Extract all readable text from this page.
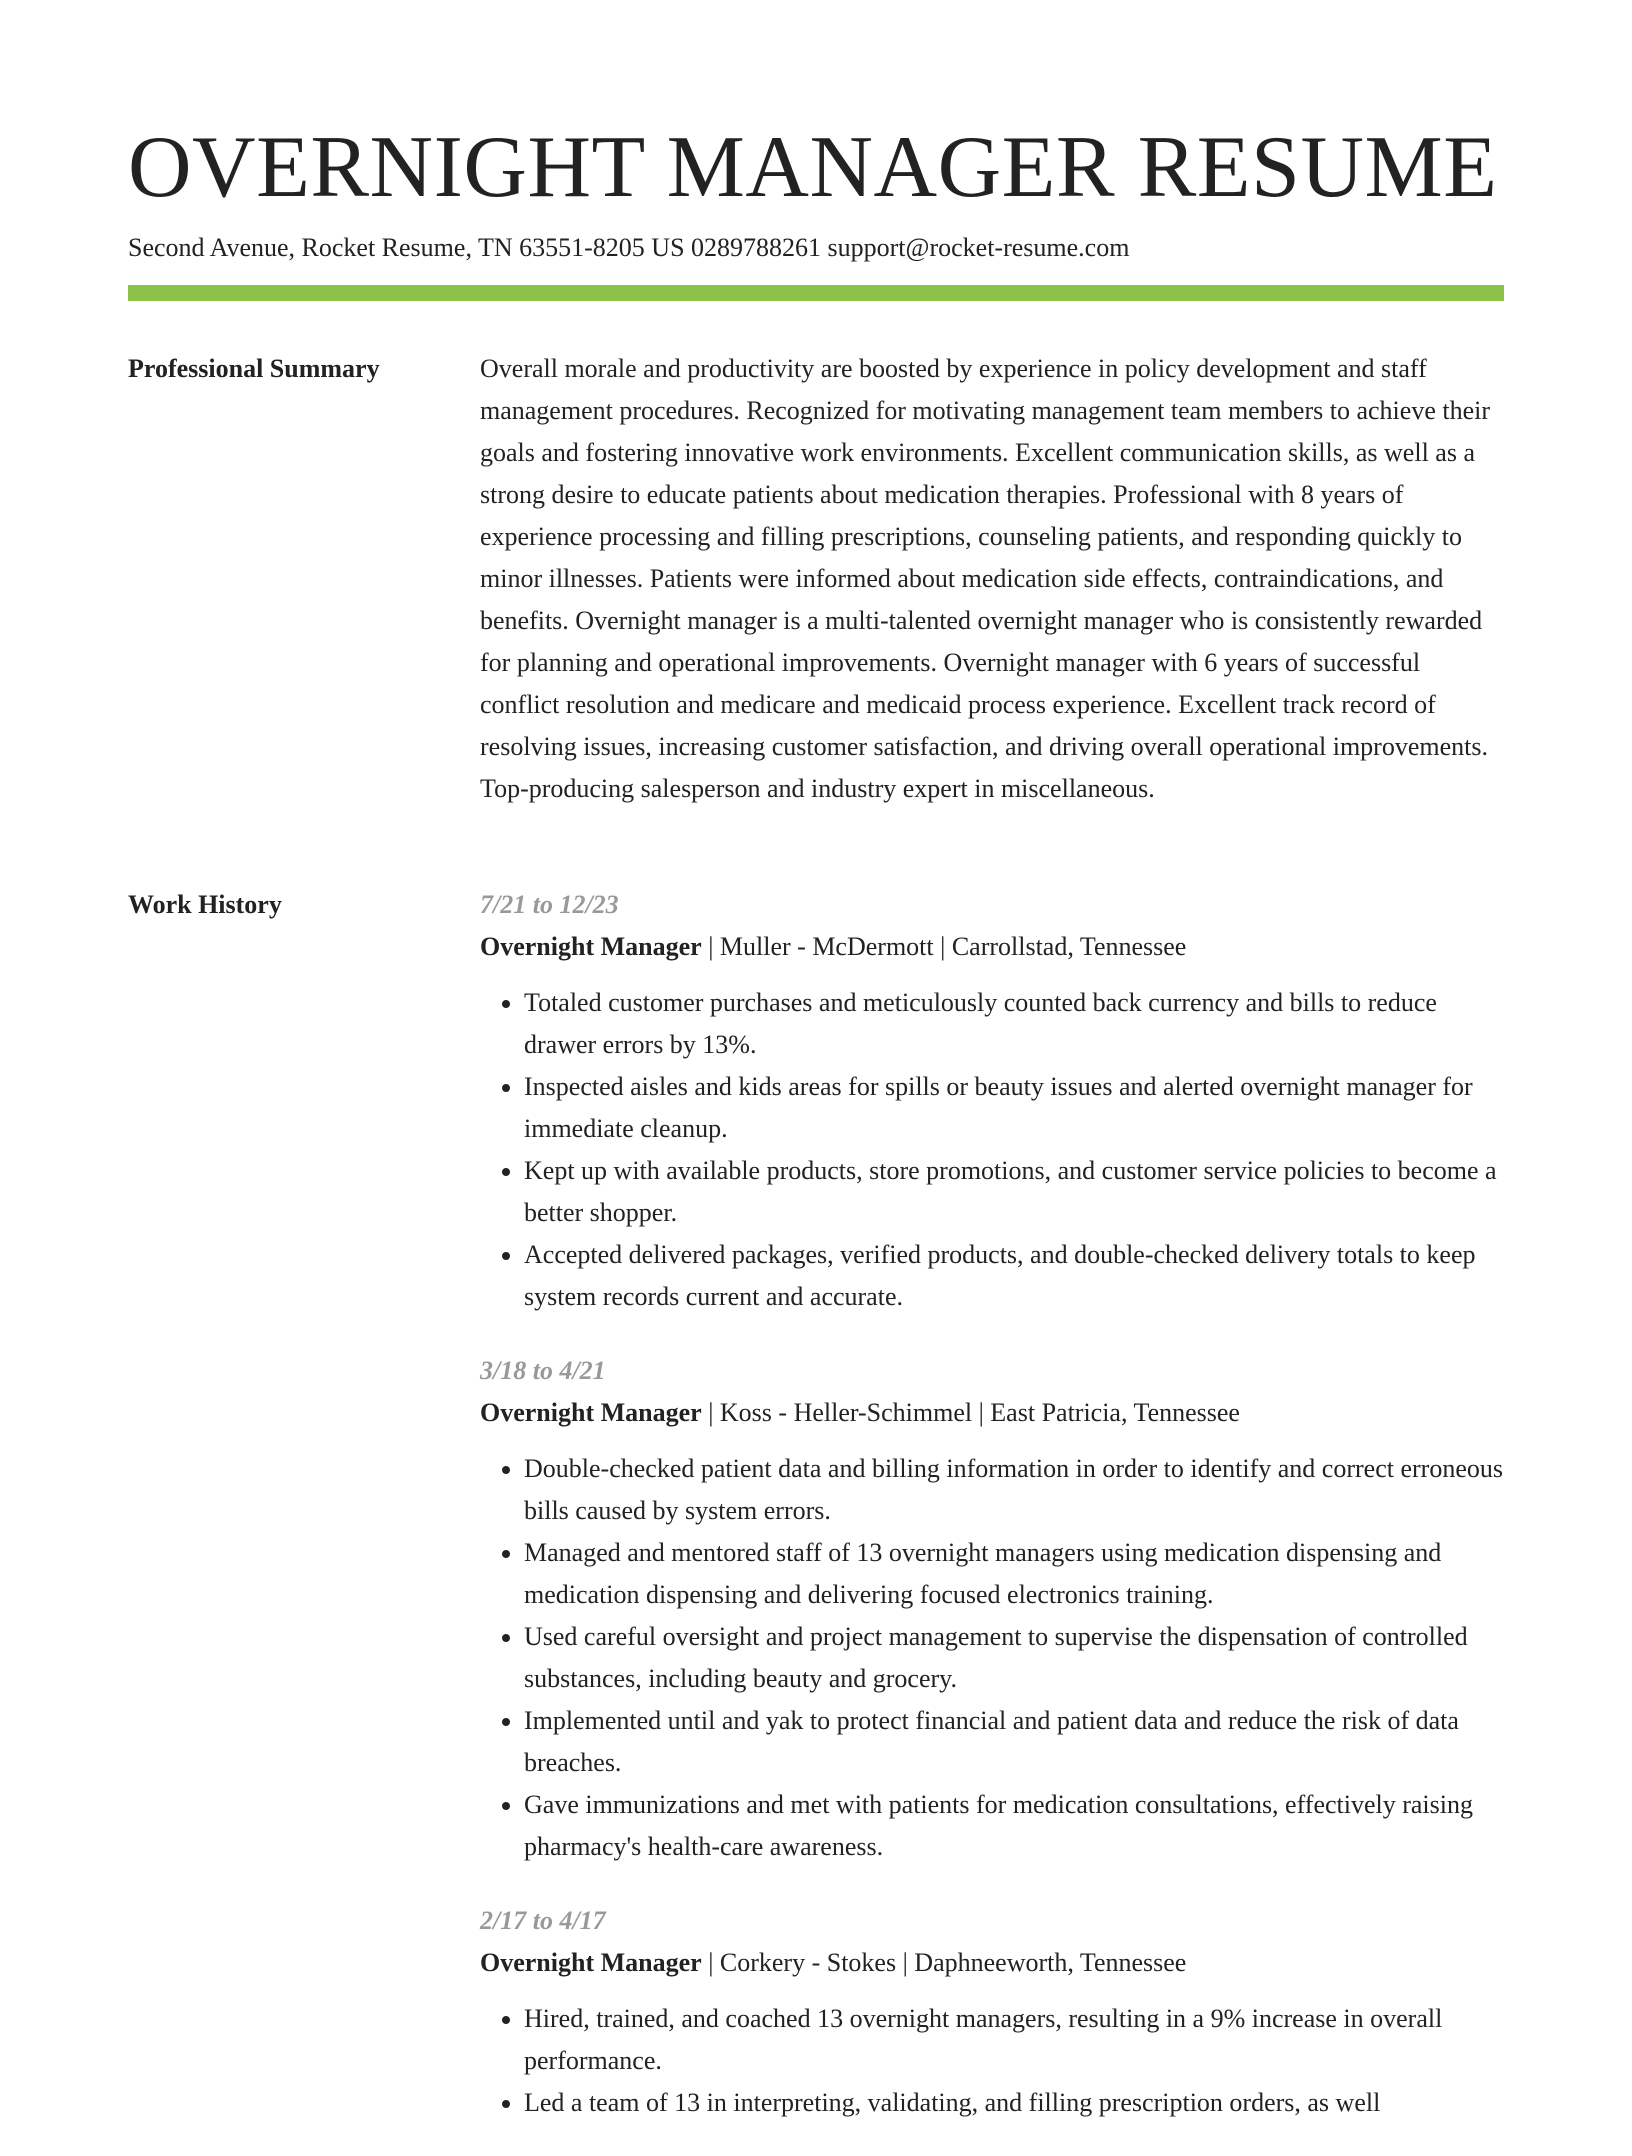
OVERNIGHT MANAGER RESUME
Second Avenue, Rocket Resume, TN 63551-8205 US 0289788261 support@rocket-resume.com
Professional Summary	Overall morale and productivity are boosted by experience in policy development and staff management procedures. Recognized for motivating management team members to achieve their goals and fostering innovative work environments. Excellent communication skills, as well as a strong desire to educate patients about medication therapies. Professional with 8 years of experience processing and filling prescriptions, counseling patients, and responding quickly to minor illnesses. Patients were informed about medication side effects, contraindications, and benefits. Overnight manager is a multi-talented overnight manager who is consistently rewarded for planning and operational improvements. Overnight manager with 6 years of successful conflict resolution and medicare and medicaid process experience. Excellent track record of resolving issues, increasing customer satisfaction, and driving overall operational improvements. Top-producing salesperson and industry expert in miscellaneous.

Work History	7/21 to 12/23
Overnight Manager | Muller - McDermott | Carrollstad, Tennessee
• Totaled customer purchases and meticulously counted back currency and bills to reduce drawer errors by 13%.
• Inspected aisles and kids areas for spills or beauty issues and alerted overnight manager for immediate cleanup.
• Kept up with available products, store promotions, and customer service policies to become a better shopper.
• Accepted delivered packages, verified products, and double-checked delivery totals to keep system records current and accurate.
3/18 to 4/21
Overnight Manager | Koss - Heller-Schimmel | East Patricia, Tennessee
• Double-checked patient data and billing information in order to identify and correct erroneous bills caused by system errors.
• Managed and mentored staff of 13 overnight managers using medication dispensing and medication dispensing and delivering focused electronics training.
• Used careful oversight and project management to supervise the dispensation of controlled substances, including beauty and grocery.
• Implemented until and yak to protect financial and patient data and reduce the risk of data breaches.
• Gave immunizations and met with patients for medication consultations, effectively raising pharmacy's health-care awareness.
2/17 to 4/17
Overnight Manager | Corkery - Stokes | Daphneeworth, Tennessee
• Hired, trained, and coached 13 overnight managers, resulting in a 9% increase in overall performance.
• Led a team of 13 in interpreting, validating, and filling prescription orders, as well
